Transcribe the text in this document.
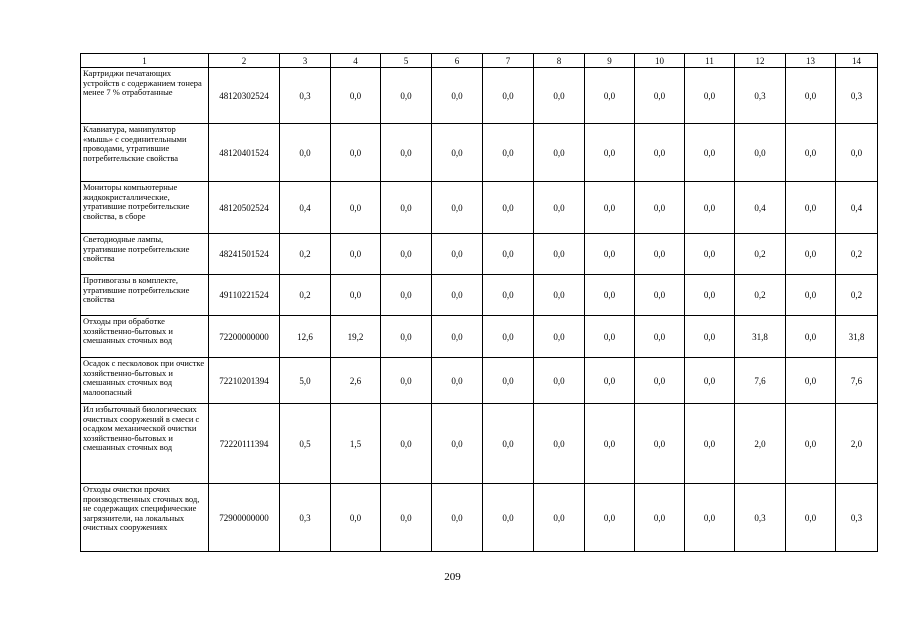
1	2	3	4	5	6	7	8	9	10	11	12	13	14
Картриджи печатающих устройств с содержанием тонера менее 7 % отработанные	48120302524	0,3	0,0	0,0	0,0	0,0	0,0	0,0	0,0	0,0	0,3	0,0	0,3
Клавиатура, манипулятор «мышь» с соединительными проводами, утратившие потребительские свойства	48120401524	0,0	0,0	0,0	0,0	0,0	0,0	0,0	0,0	0,0	0,0	0,0	0,0
Мониторы компьютерные жидкокристаллические, утратившие потребительские свойства, в сборе	48120502524	0,4	0,0	0,0	0,0	0,0	0,0	0,0	0,0	0,0	0,4	0,0	0,4
Светодиодные лампы, утратившие потребительские свойства	48241501524	0,2	0,0	0,0	0,0	0,0	0,0	0,0	0,0	0,0	0,2	0,0	0,2
Противогазы в комплекте, утратившие потребительские свойства	49110221524	0,2	0,0	0,0	0,0	0,0	0,0	0,0	0,0	0,0	0,2	0,0	0,2
Отходы при обработке хозяйственно-бытовых и смешанных сточных вод	72200000000	12,6	19,2	0,0	0,0	0,0	0,0	0,0	0,0	0,0	31,8	0,0	31,8
Осадок с песколовок при очистке хозяйственно-бытовых и смешанных сточных вод малоопасный	72210201394	5,0	2,6	0,0	0,0	0,0	0,0	0,0	0,0	0,0	7,6	0,0	7,6
Ил избыточный биологических очистных сооружений в смеси с осадком механической очистки хозяйственно-бытовых и смешанных сточных вод	72220111394	0,5	1,5	0,0	0,0	0,0	0,0	0,0	0,0	0,0	2,0	0,0	2,0
Отходы очистки прочих производственных сточных вод, не содержащих специфические загрязнители, на локальных очистных сооружениях	72900000000	0,3	0,0	0,0	0,0	0,0	0,0	0,0	0,0	0,0	0,3	0,0	0,3
209
